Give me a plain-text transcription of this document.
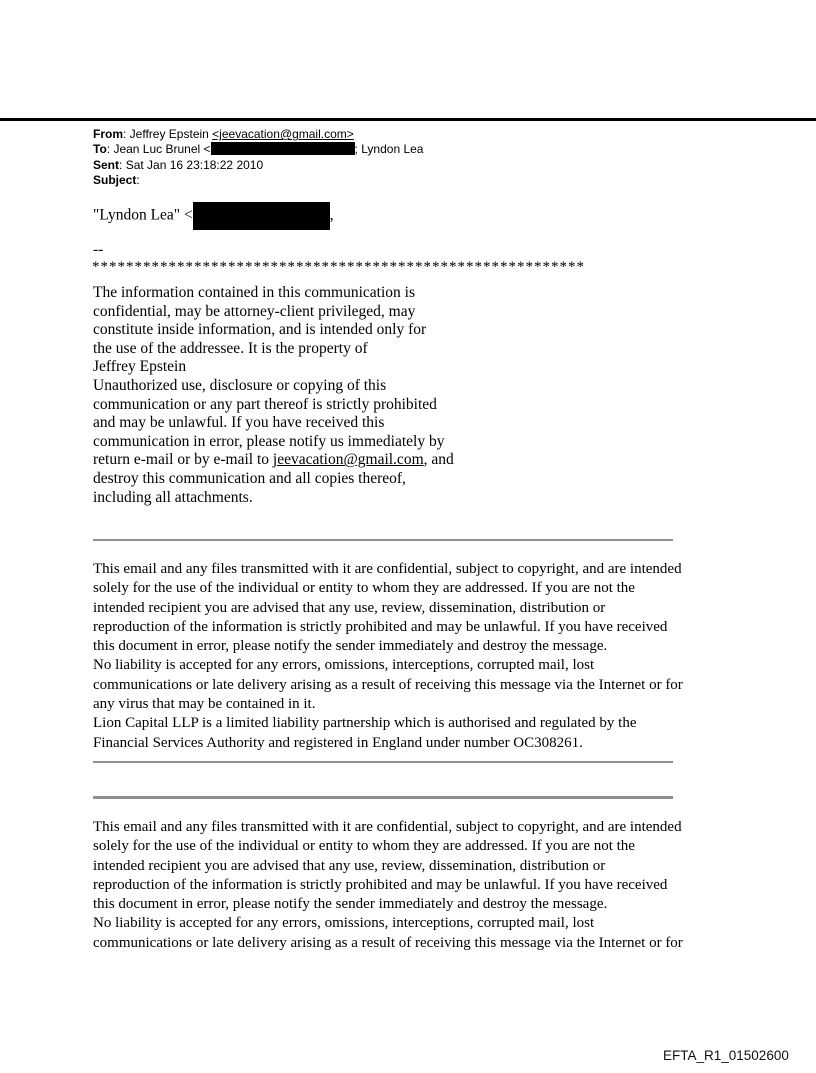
From: Jeffrey Epstein <jeevacation@gmail.com>
To: Jean Luc Brunel <	; Lyndon Lea
Sent: Sat Jan 16 23:18:22 2010
Subject:
"Lyndon Lea" <	,
--
**********************************************************
The information contained in this communication is
confidential, may be attorney-client privileged, may
constitute inside information, and is intended only for
the use of the addressee. It is the property of
Jeffrey Epstein
Unauthorized use, disclosure or copying of this
communication or any part thereof is strictly prohibited
and may be unlawful. If you have received this
communication in error, please notify us immediately by
return e-mail or by e-mail to jeevacation@gmail.com, and
destroy this communication and all copies thereof,
including all attachments.
This email and any files transmitted with it are confidential, subject to copyright, and are intended
solely for the use of the individual or entity to whom they are addressed. If you are not the
intended recipient you are advised that any use, review, dissemination, distribution or
reproduction of the information is strictly prohibited and may be unlawful. If you have received
this document in error, please notify the sender immediately and destroy the message.
No liability is accepted for any errors, omissions, interceptions, corrupted mail, lost
communications or late delivery arising as a result of receiving this message via the Internet or for
any virus that may be contained in it.
Lion Capital LLP is a limited liability partnership which is authorised and regulated by the
Financial Services Authority and registered in England under number OC308261.
This email and any files transmitted with it are confidential, subject to copyright, and are intended
solely for the use of the individual or entity to whom they are addressed. If you are not the
intended recipient you are advised that any use, review, dissemination, distribution or
reproduction of the information is strictly prohibited and may be unlawful. If you have received
this document in error, please notify the sender immediately and destroy the message.
No liability is accepted for any errors, omissions, interceptions, corrupted mail, lost
communications or late delivery arising as a result of receiving this message via the Internet or for
EFTA_R1_01502600
